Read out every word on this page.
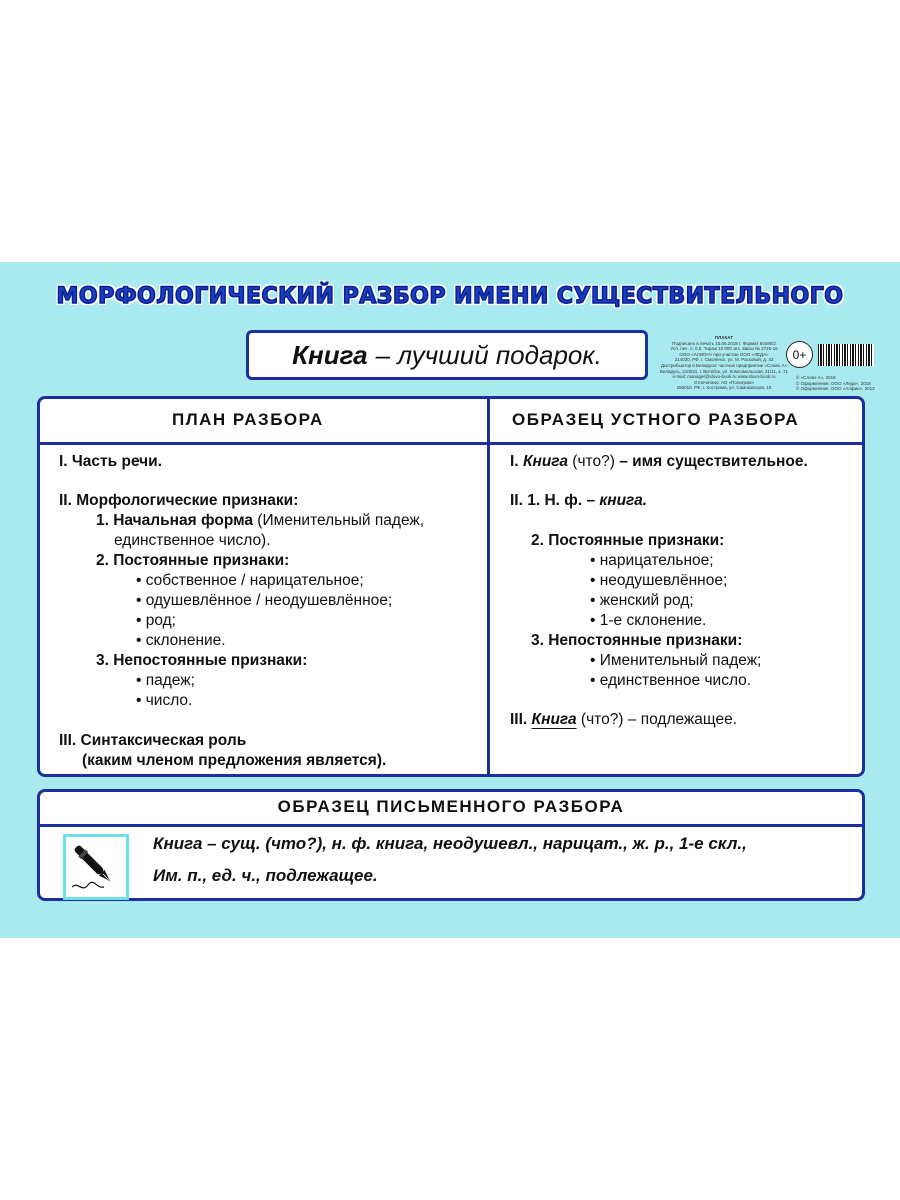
МОРФОЛОГИЧЕСКИЙ РАЗБОР ИМЕНИ СУЩЕСТВИТЕЛЬНОГО
Книга – лучший подарок.
ПЛАКАТ
Подписано в печать 15.06.2018 г. Формат 60x90/2
Усл. печ. л. 0,5. Тираж 10 000 экз. Заказ № 2725-16
ООО «АЛИОН» при участии ООО «ЛЕДА»
214030, РФ, г. Смоленск, ул. М. Расковой, д. 43
Дистрибьютор в Беларуси: частное предприятие «Слово А»
Беларусь, 210031, г. Витебск, ул. Комсомольская, 21/11, к. 71
e-mail: manager@slovo-book.ru www.slovo-book.ru
Отпечатано: АО «Полиграм»
156010, РФ, г. Кострома, ул. Самоковская, 10
0+
© «Слово А», 2018
© Оформление. ООО «Леда», 2018
© Оформление. ООО «Алфин», 2013
ПЛАН РАЗБОРА	ОБРАЗЕЦ УСТНОГО РАЗБОРА
I. Часть речи.
II. Морфологические признаки:
1. Начальная форма (Именительный падеж,
единственное число).
2. Постоянные признаки:
• собственное / нарицательное;
• одушевлённое / неодушевлённое;
• род;
• склонение.
3. Непостоянные признаки:
• падеж;
• число.
III. Синтаксическая роль
(каким членом предложения является).
I. Книга (что?) – имя существительное.
II. 1. Н. ф. – книга.
2. Постоянные признаки:
• нарицательное;
• неодушевлённое;
• женский род;
• 1-е склонение.
3. Непостоянные признаки:
• Именительный падеж;
• единственное число.
III. Книга (что?) – подлежащее.
ОБРАЗЕЦ ПИСЬМЕННОГО РАЗБОРА
Книга – сущ. (что?), н. ф. книга, неодушевл., нарицат., ж. р., 1-е скл.,
Им. п., ед. ч., подлежащее.
